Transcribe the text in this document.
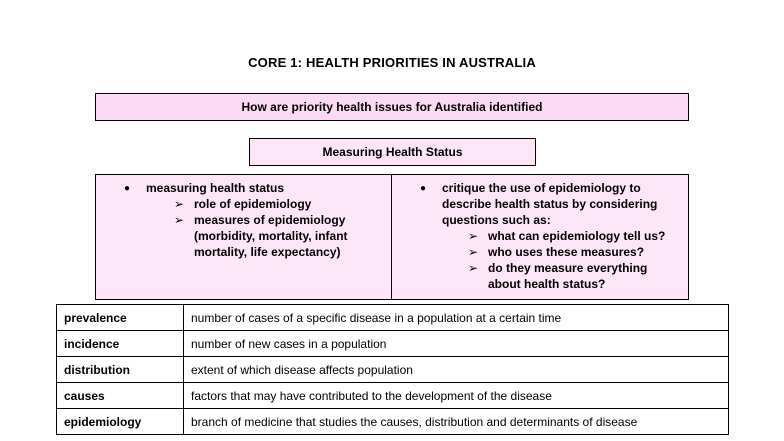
CORE 1: HEALTH PRIORITIES IN AUSTRALIA
How are priority health issues for Australia identified
Measuring Health Status
●	measuring health status
➢ role of epidemiology
➢ measures of epidemiology
(morbidity, mortality, infant
mortality, life expectancy)
●	critique the use of epidemiology to
describe health status by considering
questions such as:
➢ what can epidemiology tell us?
➢ who uses these measures?
➢ do they measure everything
about health status?
prevalence	number of cases of a specific disease in a population at a certain time
incidence	number of new cases in a population
distribution	extent of which disease affects population
causes	factors that may have contributed to the development of the disease
epidemiology	branch of medicine that studies the causes, distribution and determinants of disease
